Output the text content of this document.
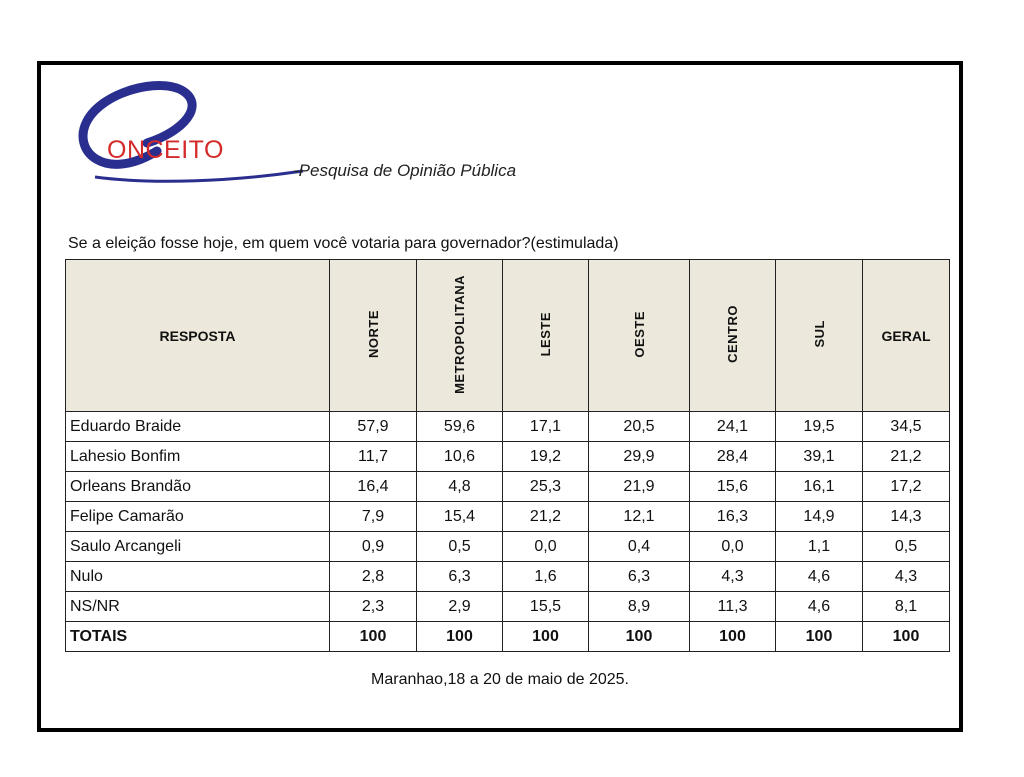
ONCEITO
-Pesquisa de Opinião Pública
Se a eleição fosse hoje, em quem você votaria para governador?(estimulada)
RESPOSTA	NORTE	METROPOLITANA	LESTE	OESTE	CENTRO	SUL	GERAL
Eduardo Braide	57,9	59,6	17,1	20,5	24,1	19,5	34,5
Lahesio Bonfim	11,7	10,6	19,2	29,9	28,4	39,1	21,2
Orleans Brandão	16,4	4,8	25,3	21,9	15,6	16,1	17,2
Felipe Camarão	7,9	15,4	21,2	12,1	16,3	14,9	14,3
Saulo Arcangeli	0,9	0,5	0,0	0,4	0,0	1,1	0,5
Nulo	2,8	6,3	1,6	6,3	4,3	4,6	4,3
NS/NR	2,3	2,9	15,5	8,9	11,3	4,6	8,1
TOTAIS	100	100	100	100	100	100	100
Maranhao,18 a 20 de maio de 2025.
